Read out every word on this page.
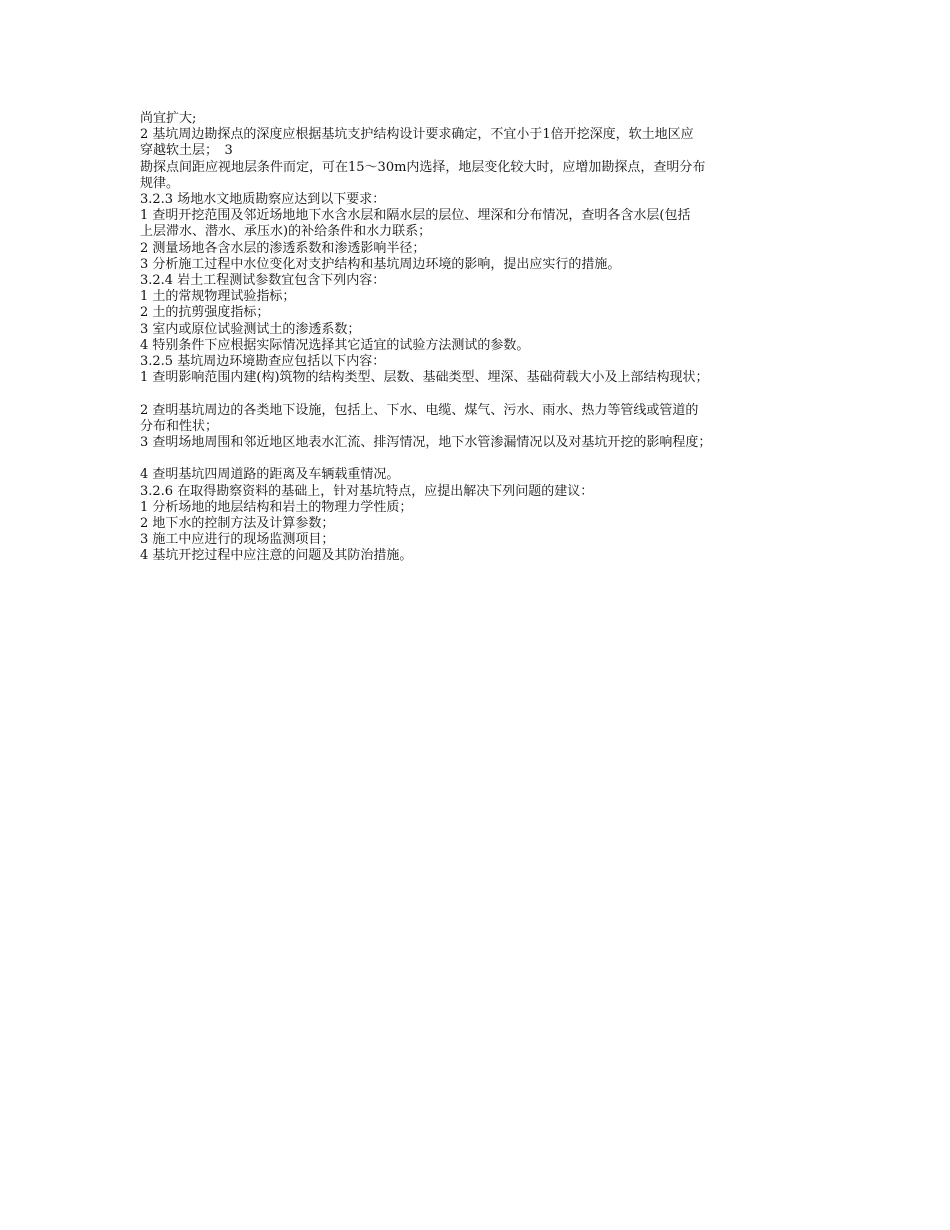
尚宜扩大;

2 基坑周边勘探点的深度应根据基坑支护结构设计要求确定，不宜小于1倍开挖深度，软土地区应

穿越软土层；　3

勘探点间距应视地层条件而定，可在15～30m内选择，地层变化较大时，应增加勘探点，查明分布

规律。

3.2.3 场地水文地质勘察应达到以下要求：

1 查明开挖范围及邻近场地地下水含水层和隔水层的层位、埋深和分布情况，查明各含水层(包括

上层滞水、潜水、承压水)的补给条件和水力联系；

2 测量场地各含水层的渗透系数和渗透影响半径；

3 分析施工过程中水位变化对支护结构和基坑周边环境的影响，提出应实行的措施。

3.2.4 岩土工程测试参数宜包含下列内容：

1 土的常规物理试验指标；

2 土的抗剪强度指标；

3 室内或原位试验测试土的渗透系数；

4 特别条件下应根据实际情况选择其它适宜的试验方法测试的参数。

3.2.5 基坑周边环境勘查应包括以下内容：

1 查明影响范围内建(构)筑物的结构类型、层数、基础类型、埋深、基础荷载大小及上部结构现状；

2 查明基坑周边的各类地下设施，包括上、下水、电缆、煤气、污水、雨水、热力等管线或管道的

分布和性状；

3 查明场地周围和邻近地区地表水汇流、排泻情况，地下水管渗漏情况以及对基坑开挖的影响程度；

4 查明基坑四周道路的距离及车辆载重情况。

3.2.6 在取得勘察资料的基础上，针对基坑特点，应提出解决下列问题的建议：

1 分析场地的地层结构和岩土的物理力学性质；

2 地下水的控制方法及计算参数；

3 施工中应进行的现场监测项目；

4 基坑开挖过程中应注意的问题及其防治措施。
